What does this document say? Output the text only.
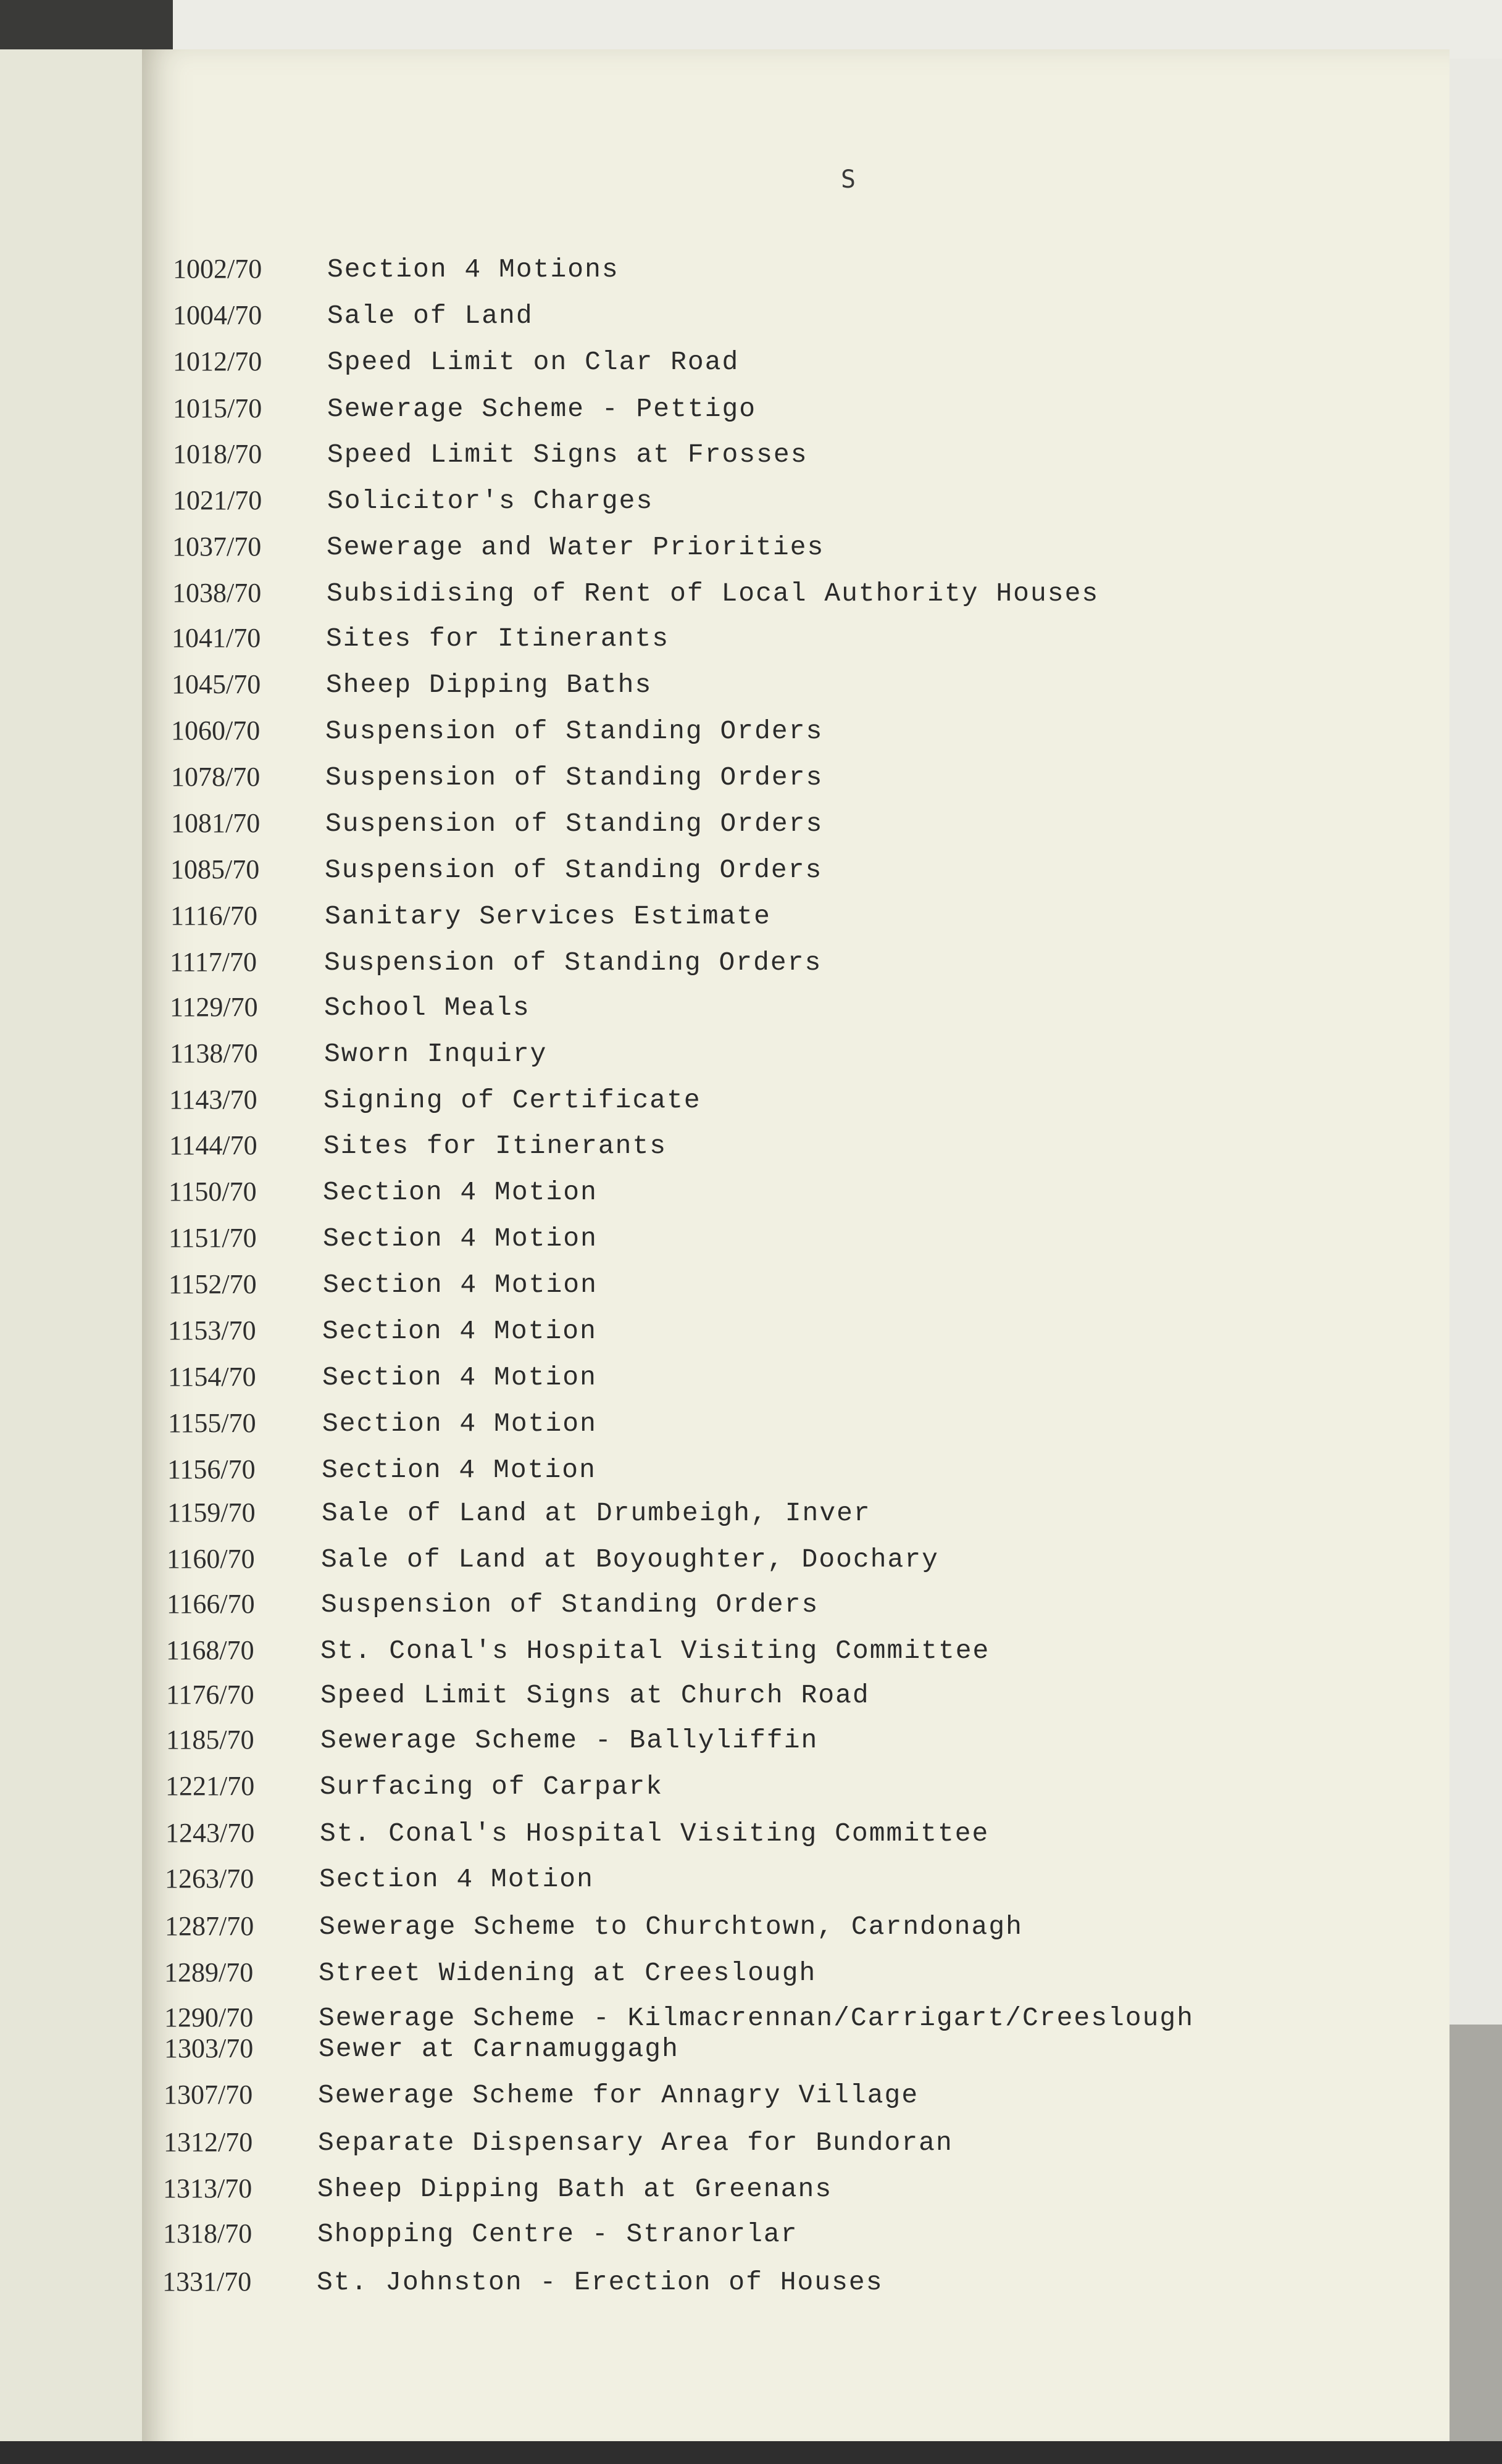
S
1002/70	Section 4 Motions
1004/70	Sale of Land
1012/70	Speed Limit on Clar Road
1015/70	Sewerage Scheme - Pettigo
1018/70	Speed Limit Signs at Frosses
1021/70	Solicitor's Charges
1037/70	Sewerage and Water Priorities
1038/70	Subsidising of Rent of Local Authority Houses
1041/70	Sites for Itinerants
1045/70	Sheep Dipping Baths
1060/70	Suspension of Standing Orders
1078/70	Suspension of Standing Orders
1081/70	Suspension of Standing Orders
1085/70	Suspension of Standing Orders
1116/70	Sanitary Services Estimate
1117/70	Suspension of Standing Orders
1129/70	School Meals
1138/70	Sworn Inquiry
1143/70	Signing of Certificate
1144/70	Sites for Itinerants
1150/70	Section 4 Motion
1151/70	Section 4 Motion
1152/70	Section 4 Motion
1153/70	Section 4 Motion
1154/70	Section 4 Motion
1155/70	Section 4 Motion
1156/70	Section 4 Motion
1159/70	Sale of Land at Drumbeigh, Inver
1160/70	Sale of Land at Boyoughter, Doochary
1166/70	Suspension of Standing Orders
1168/70	St. Conal's Hospital Visiting Committee
1176/70	Speed Limit Signs at Church Road
1185/70	Sewerage Scheme - Ballyliffin
1221/70	Surfacing of Carpark
1243/70	St. Conal's Hospital Visiting Committee
1263/70	Section 4 Motion
1287/70	Sewerage Scheme to Churchtown, Carndonagh
1289/70	Street Widening at Creeslough
1290/70	Sewerage Scheme - Kilmacrennan/Carrigart/Creeslough
1303/70	Sewer at Carnamuggagh
1307/70	Sewerage Scheme for Annagry Village
1312/70	Separate Dispensary Area for Bundoran
1313/70	Sheep Dipping Bath at Greenans
1318/70	Shopping Centre - Stranorlar
1331/70	St. Johnston - Erection of Houses
